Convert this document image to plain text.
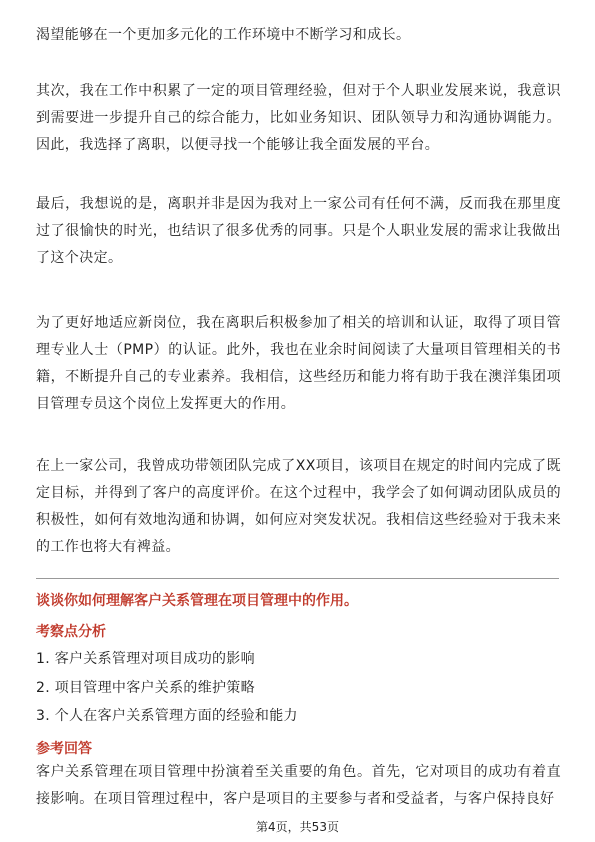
渴望能够在一个更加多元化的工作环境中不断学习和成长。

其次，我在工作中积累了一定的项目管理经验，但对于个人职业发展来说，我意识到需要进一步提升自己的综合能力，比如业务知识、团队领导力和沟通协调能力。因此，我选择了离职，以便寻找一个能够让我全面发展的平台。

最后，我想说的是，离职并非是因为我对上一家公司有任何不满，反而我在那里度过了很愉快的时光，也结识了很多优秀的同事。只是个人职业发展的需求让我做出了这个决定。

为了更好地适应新岗位，我在离职后积极参加了相关的培训和认证，取得了项目管理专业人士（PMP）的认证。此外，我也在业余时间阅读了大量项目管理相关的书籍，不断提升自己的专业素养。我相信，这些经历和能力将有助于我在澳洋集团项目管理专员这个岗位上发挥更大的作用。

在上一家公司，我曾成功带领团队完成了XX项目，该项目在规定的时间内完成了既定目标，并得到了客户的高度评价。在这个过程中，我学会了如何调动团队成员的积极性，如何有效地沟通和协调，如何应对突发状况。我相信这些经验对于我未来的工作也将大有裨益。

谈谈你如何理解客户关系管理在项目管理中的作用。

考察点分析

1. 客户关系管理对项目成功的影响

2. 项目管理中客户关系的维护策略

3. 个人在客户关系管理方面的经验和能力

参考回答

客户关系管理在项目管理中扮演着至关重要的角色。首先，它对项目的成功有着直接影响。在项目管理过程中，客户是项目的主要参与者和受益者，与客户保持良好

第4页，共53页
